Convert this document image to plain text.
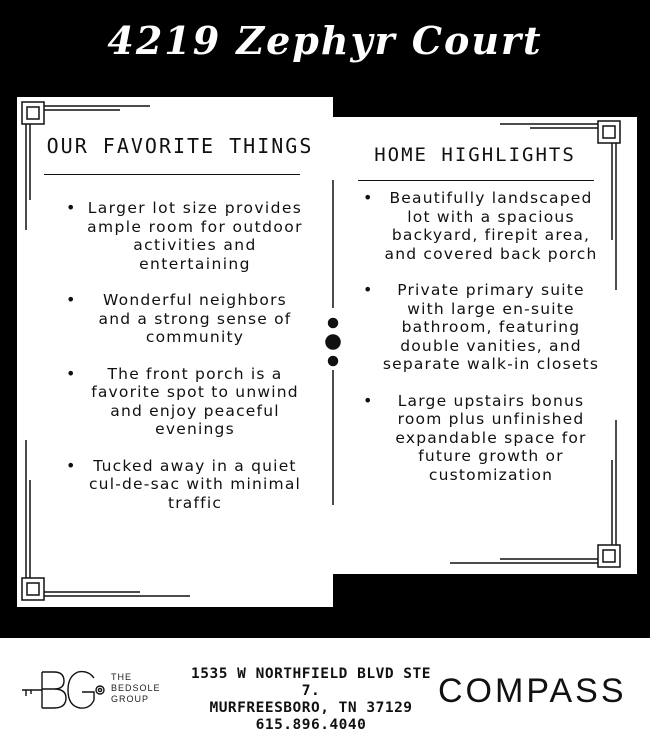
4219 Zephyr Court
OUR FAVORITE THINGS
• Larger lot size provides ample room for outdoor activities and entertaining
• Wonderful neighbors and a strong sense of community
• The front porch is a favorite spot to unwind and enjoy peaceful evenings
• Tucked away in a quiet cul-de-sac with minimal traffic
HOME HIGHLIGHTS
• Beautifully landscaped lot with a spacious backyard, firepit area, and covered back porch
• Private primary suite with large en-suite bathroom, featuring double vanities, and separate walk-in closets
• Large upstairs bonus room plus unfinished expandable space for future growth or customization
THE
BEDSOLE
GROUP
1535 W NORTHFIELD BLVD STE 7.
MURFREESBORO, TN 37129
615.896.4040
COMPASS
